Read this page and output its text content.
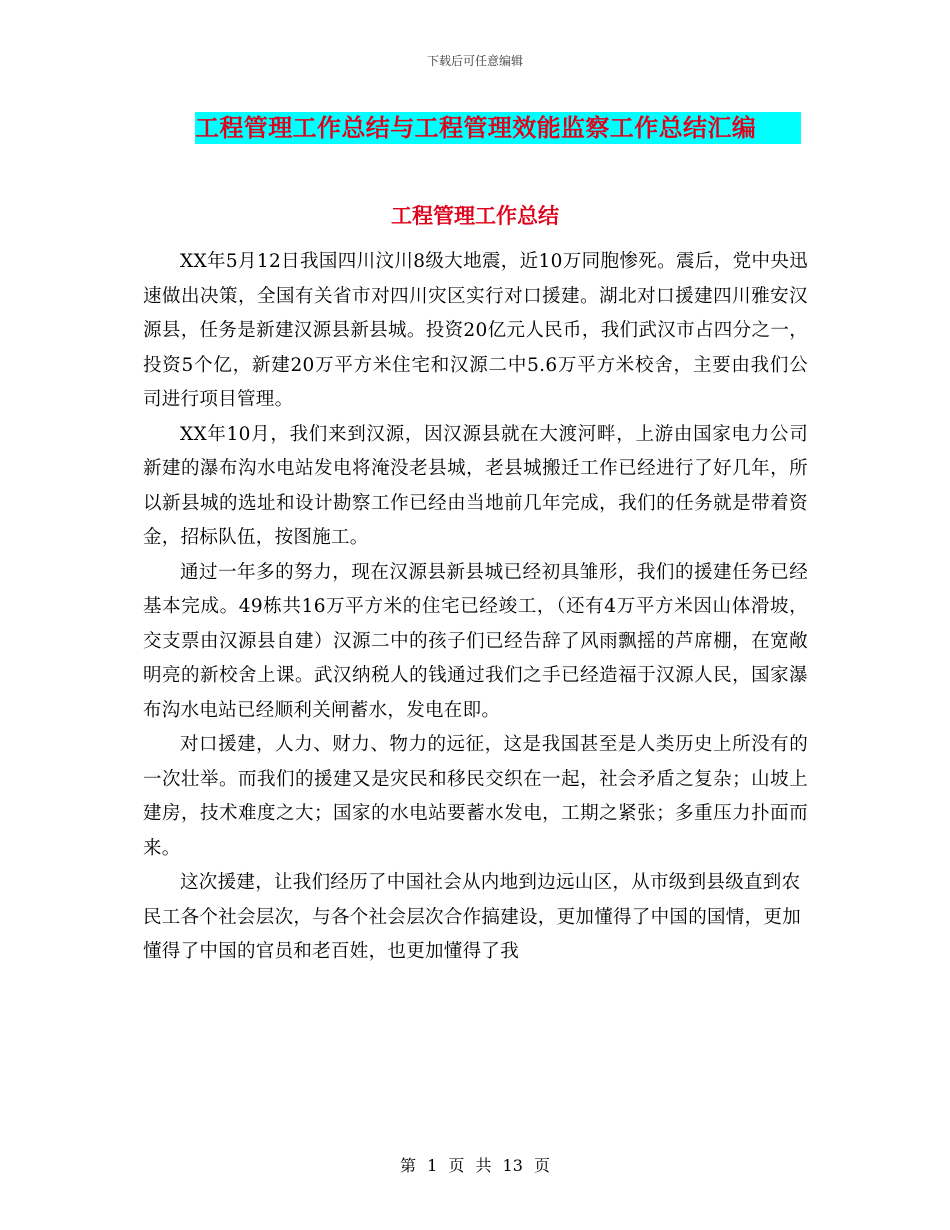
下载后可任意编辑
工程管理工作总结与工程管理效能监察工作总结汇编
工程管理工作总结

XX年5月12日我国四川汶川8级大地震，近10万同胞惨死。震后，党中央迅速做出决策，全国有关省市对四川灾区实行对口援建。湖北对口援建四川雅安汉源县，任务是新建汉源县新县城。投资20亿元人民币，我们武汉市占四分之一，投资5个亿，新建20万平方米住宅和汉源二中5.6万平方米校舍，主要由我们公司进行项目管理。

XX年10月，我们来到汉源，因汉源县就在大渡河畔，上游由国家电力公司新建的瀑布沟水电站发电将淹没老县城，老县城搬迁工作已经进行了好几年，所以新县城的选址和设计勘察工作已经由当地前几年完成，我们的任务就是带着资金，招标队伍，按图施工。

通过一年多的努力，现在汉源县新县城已经初具雏形，我们的援建任务已经基本完成。49栋共16万平方米的住宅已经竣工，（还有4万平方米因山体滑坡，交支票由汉源县自建）汉源二中的孩子们已经告辞了风雨飘摇的芦席棚，在宽敞明亮的新校舍上课。武汉纳税人的钱通过我们之手已经造福于汉源人民，国家瀑布沟水电站已经顺利关闸蓄水，发电在即。

对口援建，人力、财力、物力的远征，这是我国甚至是人类历史上所没有的一次壮举。而我们的援建又是灾民和移民交织在一起，社会矛盾之复杂；山坡上建房，技术难度之大；国家的水电站要蓄水发电，工期之紧张；多重压力扑面而来。

这次援建，让我们经历了中国社会从内地到边远山区，从市级到县级直到农民工各个社会层次，与各个社会层次合作搞建设，更加懂得了中国的国情，更加懂得了中国的官员和老百姓，也更加懂得了我

第 1 页 共 13 页
